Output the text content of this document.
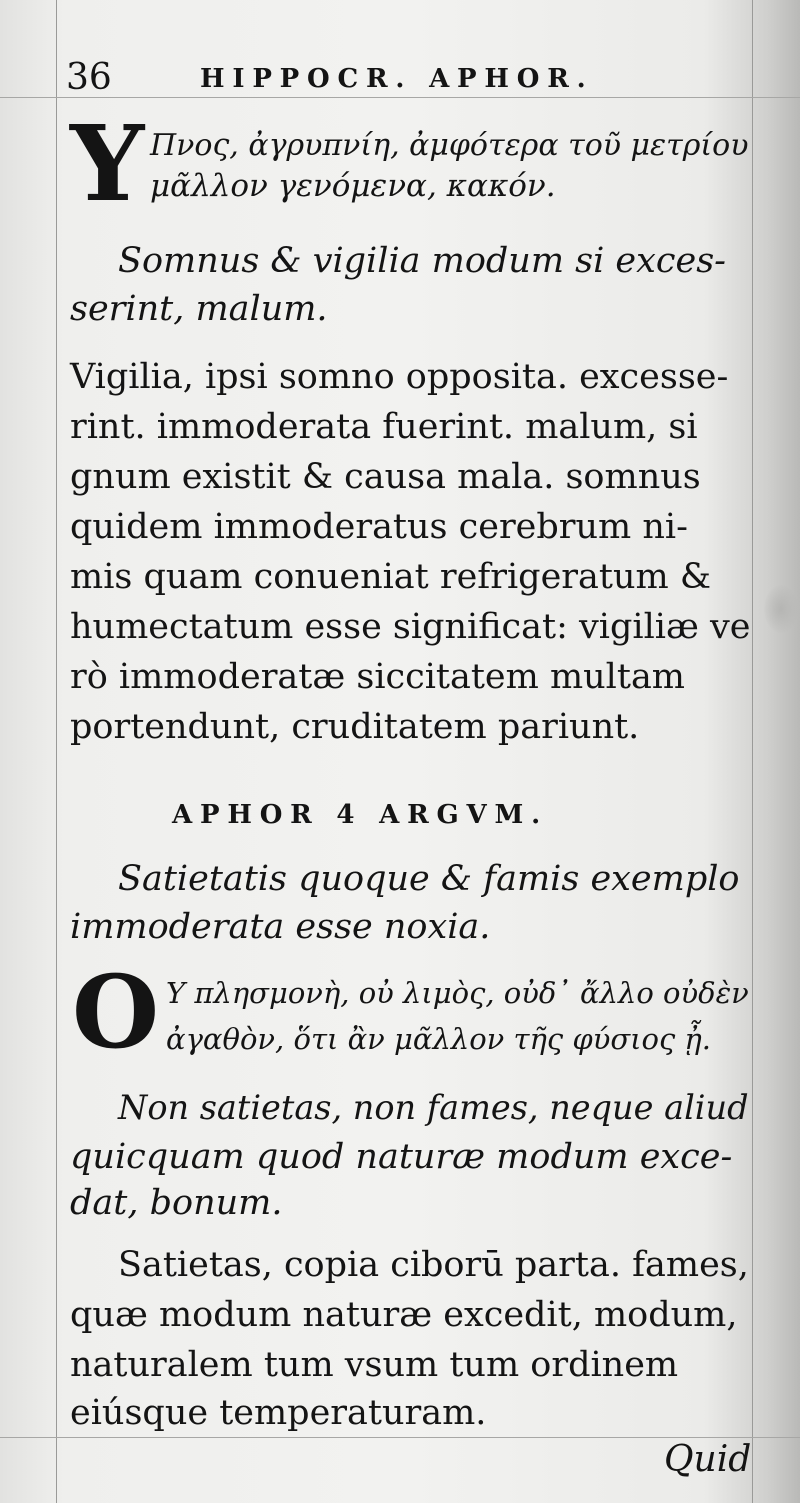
36	HIPPOCR. APHOR.
Υ Πνος, ἀγρυπνίη, ἀμφότερα τοῦ μετρίου
μᾶλλον γενόμενα, κακόν.
Somnus & vigilia modum si exces-
serint, malum.
Vigilia, ipsi somno opposita. excesse-
rint. immoderata fuerint. malum, si
gnum existit & causa mala. somnus
quidem immoderatus cerebrum ni-
mis quam conueniat refrigeratum &
humectatum esse significat: vigiliæ ve
rò immoderatæ siccitatem multam
portendunt, cruditatem pariunt.
APHOR 4 ARGVM.
Satietatis quoque & famis exemplo
immoderata esse noxia.
O Υ πλησμονὴ, οὐ λιμὸς, οὐδ᾽ ἄλλο οὐδὲν
ἀγαθὸν, ὅτι ἂν μᾶλλον τῆς φύσιος ᾖ.
Non satietas, non fames, neque aliud
quicquam quod naturæ modum exce-
dat, bonum.
Satietas, copia ciborū parta. fames,
quæ modum naturæ excedit, modum,
naturalem tum vsum tum ordinem
eiúsque temperaturam.
Quid
